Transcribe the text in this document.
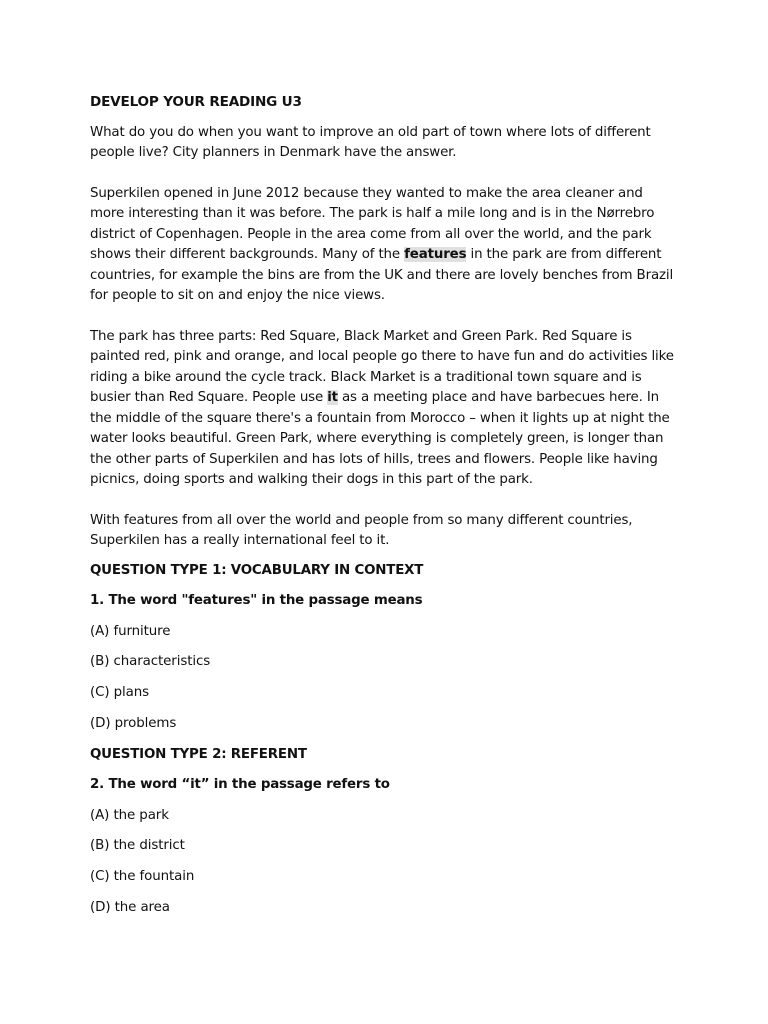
DEVELOP YOUR READING U3

What do you do when you want to improve an old part of town where lots of different people live? City planners in Denmark have the answer.

Superkilen opened in June 2012 because they wanted to make the area cleaner and more interesting than it was before. The park is half a mile long and is in the Nørrebro district of Copenhagen. People in the area come from all over the world, and the park shows their different backgrounds. Many of the features in the park are from different countries, for example the bins are from the UK and there are lovely benches from Brazil for people to sit on and enjoy the nice views.

The park has three parts: Red Square, Black Market and Green Park. Red Square is painted red, pink and orange, and local people go there to have fun and do activities like riding a bike around the cycle track. Black Market is a traditional town square and is busier than Red Square. People use it as a meeting place and have barbecues here. In the middle of the square there's a fountain from Morocco – when it lights up at night the water looks beautiful. Green Park, where everything is completely green, is longer than the other parts of Superkilen and has lots of hills, trees and flowers. People like having picnics, doing sports and walking their dogs in this part of the park.

With features from all over the world and people from so many different countries, Superkilen has a really international feel to it.

QUESTION TYPE 1: VOCABULARY IN CONTEXT
1. The word "features" in the passage means
(A) furniture
(B) characteristics
(C) plans
(D) problems
QUESTION TYPE 2: REFERENT
2. The word “it” in the passage refers to
(A) the park
(B) the district
(C) the fountain
(D) the area
